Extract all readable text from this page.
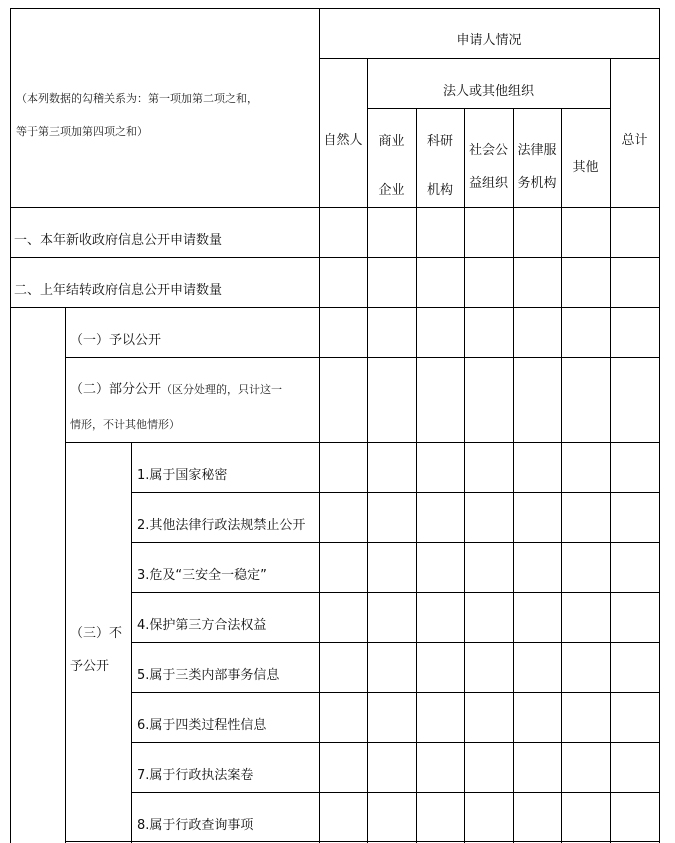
申请人情况
法人或其他组织
自然人	商业
企业
科研
机构
社会公
益组织
法律服
务机构
其他
总计
（本列数据的勾稽关系为：第一项加第二项之和，
等于第三项加第四项之和）
一、本年新收政府信息公开申请数量
二、上年结转政府信息公开申请数量
（一）予以公开
（二）部分公开（区分处理的，只计这一
情形，不计其他情形）
（三）不
予公开
1.属于国家秘密
2.其他法律行政法规禁止公开
3.危及“三安全一稳定”
4.保护第三方合法权益
5.属于三类内部事务信息
6.属于四类过程性信息
7.属于行政执法案卷
8.属于行政查询事项
